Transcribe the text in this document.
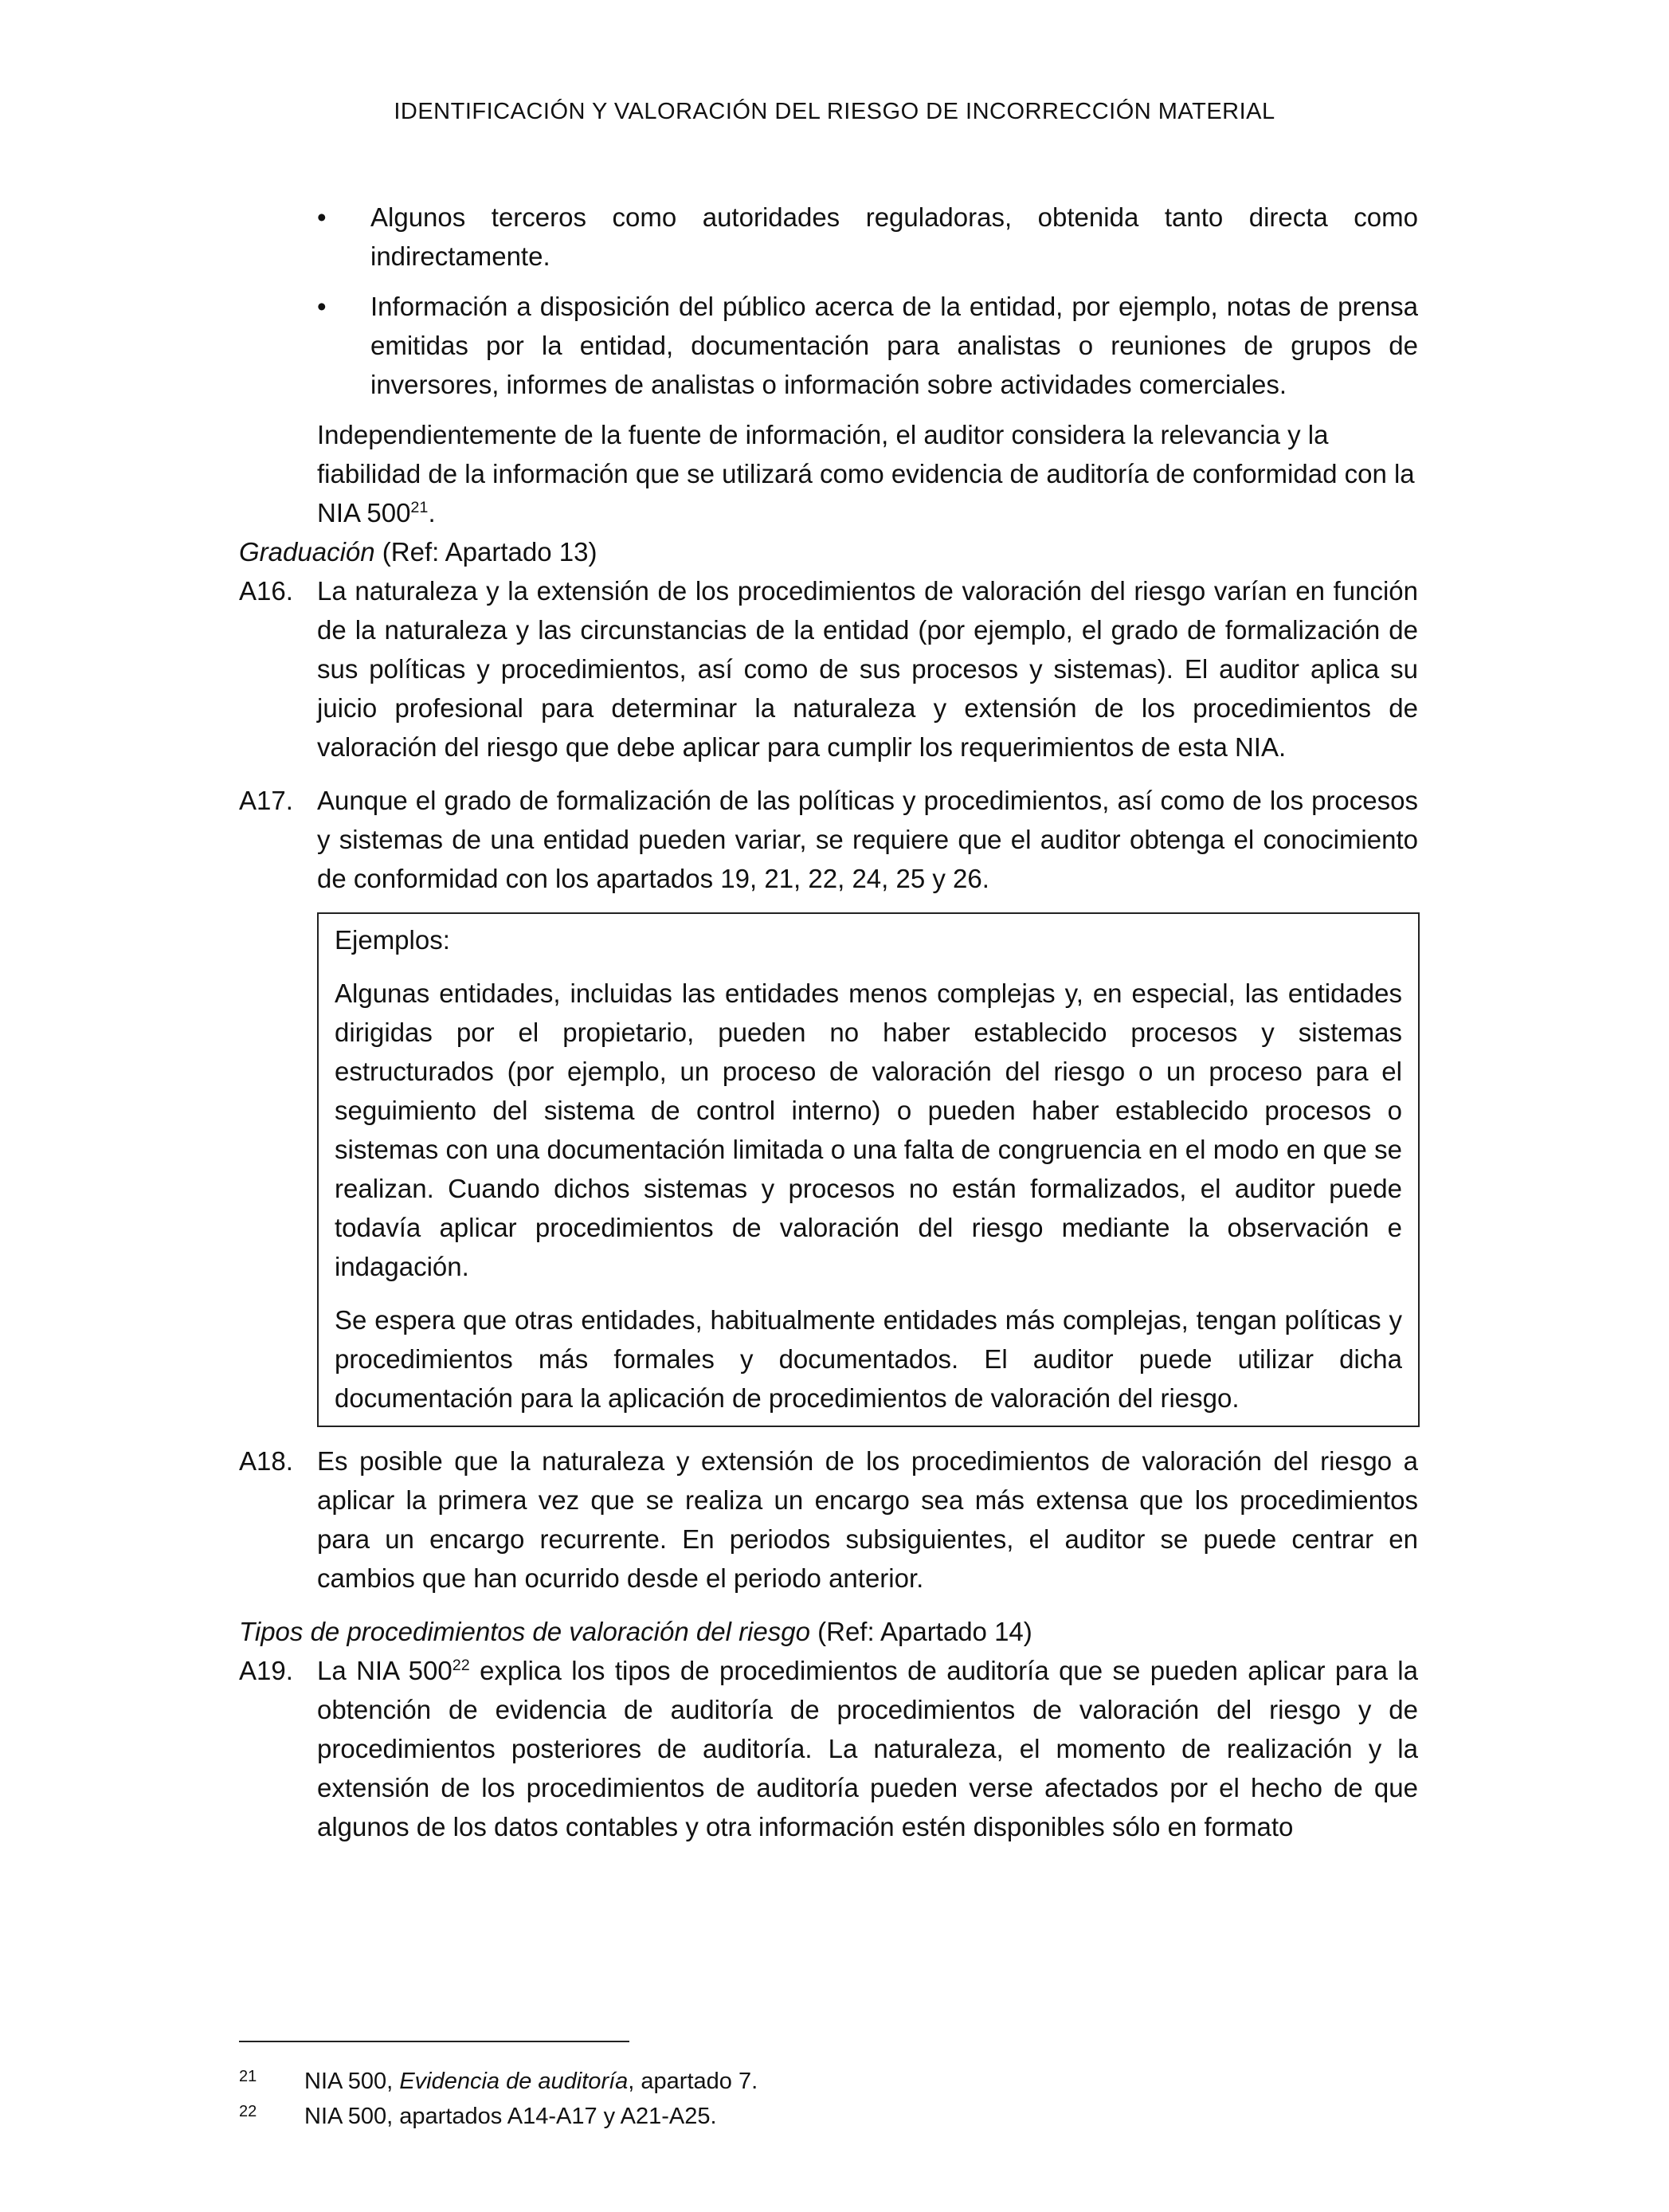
IDENTIFICACIÓN Y VALORACIÓN DEL RIESGO DE INCORRECCIÓN MATERIAL
• Algunos terceros como autoridades reguladoras, obtenida tanto directa como indirectamente.

• Información a disposición del público acerca de la entidad, por ejemplo, notas de prensa emitidas por la entidad, documentación para analistas o reuniones de grupos de inversores, informes de analistas o información sobre actividades comerciales.

Independientemente de la fuente de información, el auditor considera la relevancia y la fiabilidad de la información que se utilizará como evidencia de auditoría de conformidad con la NIA $500^{21}$.

Graduación (Ref: Apartado 13)

A16. La naturaleza y la extensión de los procedimientos de valoración del riesgo varían en función de la naturaleza y las circunstancias de la entidad (por ejemplo, el grado de formalización de sus políticas y procedimientos, así como de sus procesos y sistemas). El auditor aplica su juicio profesional para determinar la naturaleza y extensión de los procedimientos de valoración del riesgo que debe aplicar para cumplir los requerimientos de esta NIA.

A17. Aunque el grado de formalización de las políticas y procedimientos, así como de los procesos y sistemas de una entidad pueden variar, se requiere que el auditor obtenga el conocimiento de conformidad con los apartados 19, 21, 22, 24, 25 y 26.

Ejemplos:

Algunas entidades, incluidas las entidades menos complejas y, en especial, las entidades dirigidas por el propietario, pueden no haber establecido procesos y sistemas estructurados (por ejemplo, un proceso de valoración del riesgo o un proceso para el seguimiento del sistema de control interno) o pueden haber establecido procesos o sistemas con una documentación limitada o una falta de congruencia en el modo en que se realizan. Cuando dichos sistemas y procesos no están formalizados, el auditor puede todavía aplicar procedimientos de valoración del riesgo mediante la observación e indagación.

Se espera que otras entidades, habitualmente entidades más complejas, tengan políticas y procedimientos más formales y documentados. El auditor puede utilizar dicha documentación para la aplicación de procedimientos de valoración del riesgo.

A18. Es posible que la naturaleza y extensión de los procedimientos de valoración del riesgo a aplicar la primera vez que se realiza un encargo sea más extensa que los procedimientos para un encargo recurrente. En periodos subsiguientes, el auditor se puede centrar en cambios que han ocurrido desde el periodo anterior.

Tipos de procedimientos de valoración del riesgo (Ref: Apartado 14)

A19. La NIA $500^{22}$ explica los tipos de procedimientos de auditoría que se pueden aplicar para la obtención de evidencia de auditoría de procedimientos de valoración del riesgo y de procedimientos posteriores de auditoría. La naturaleza, el momento de realización y la extensión de los procedimientos de auditoría pueden verse afectados por el hecho de que algunos de los datos contables y otra información estén disponibles sólo en formato

21 NIA 500, Evidencia de auditoría, apartado 7.
22 NIA 500, apartados A14-A17 y A21-A25.
